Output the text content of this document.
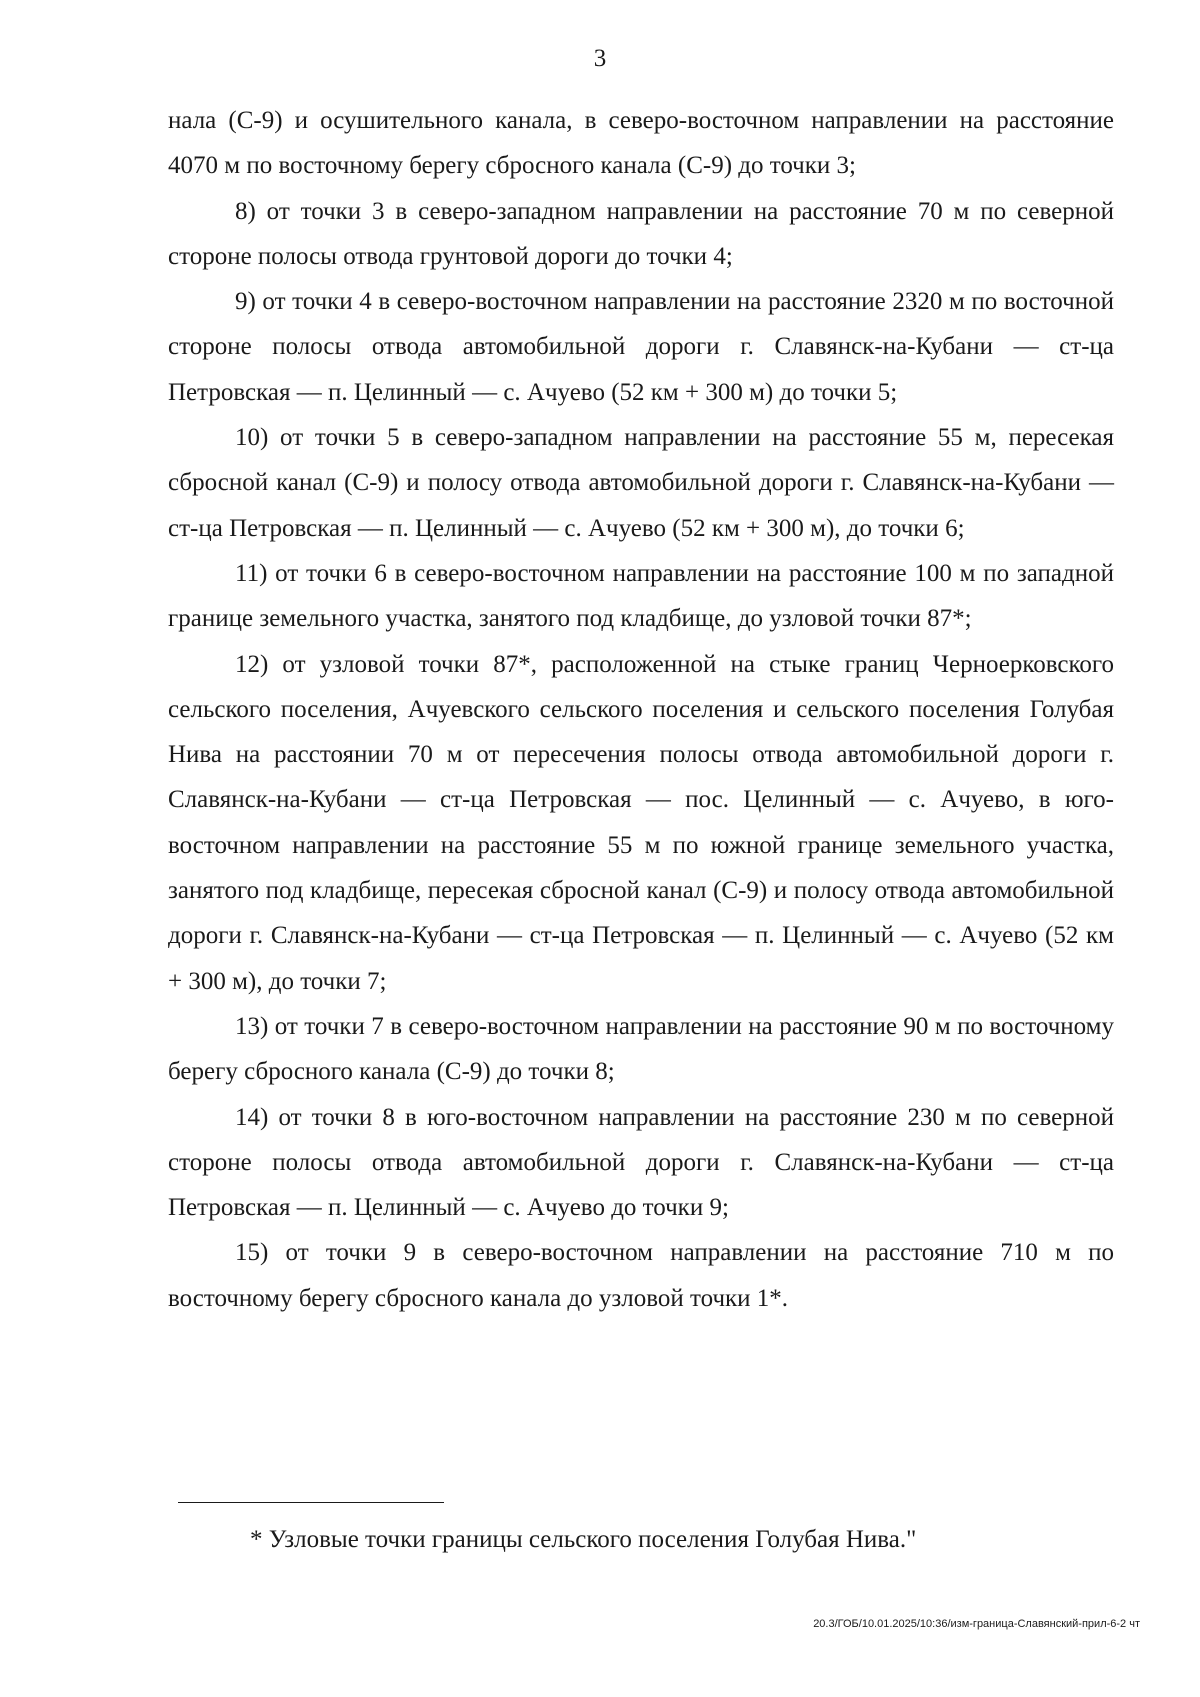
3

нала (С-9) и осушительного канала, в северо-восточном направлении на расстояние 4070 м по восточному берегу сбросного канала (С-9) до точки 3;

8) от точки 3 в северо-западном направлении на расстояние 70 м по северной стороне полосы отвода грунтовой дороги до точки 4;

9) от точки 4 в северо-восточном направлении на расстояние 2320 м по восточной стороне полосы отвода автомобильной дороги г. Славянск-на-Кубани — ст-ца Петровская — п. Целинный — с. Ачуево (52 км + 300 м) до точки 5;

10) от точки 5 в северо-западном направлении на расстояние 55 м, пересекая сбросной канал (С-9) и полосу отвода автомобильной дороги г. Славянск-на-Кубани — ст-ца Петровская — п. Целинный — с. Ачуево (52 км + 300 м), до точки 6;

11) от точки 6 в северо-восточном направлении на расстояние 100 м по западной границе земельного участка, занятого под кладбище, до узловой точки 87*;

12) от узловой точки 87*, расположенной на стыке границ Черноерковского сельского поселения, Ачуевского сельского поселения и сельского поселения Голубая Нива на расстоянии 70 м от пересечения полосы отвода автомобильной дороги г. Славянск-на-Кубани — ст-ца Петровская — пос. Целинный — с. Ачуево, в юго-восточном направлении на расстояние 55 м по южной границе земельного участка, занятого под кладбище, пересекая сбросной канал (С-9) и полосу отвода автомобильной дороги г. Славянск-на-Кубани — ст-ца Петровская — п. Целинный — с. Ачуево (52 км + 300 м), до точки 7;

13) от точки 7 в северо-восточном направлении на расстояние 90 м по восточному берегу сбросного канала (С-9) до точки 8;

14) от точки 8 в юго-восточном направлении на расстояние 230 м по северной стороне полосы отвода автомобильной дороги г. Славянск-на-Кубани — ст-ца Петровская — п. Целинный — с. Ачуево до точки 9;

15) от точки 9 в северо-восточном направлении на расстояние 710 м по восточному берегу сбросного канала до узловой точки 1*.

* Узловые точки границы сельского поселения Голубая Нива."
20.3/ГОБ/10.01.2025/10:36/изм-граница-Славянский-прил-6-2 чт
